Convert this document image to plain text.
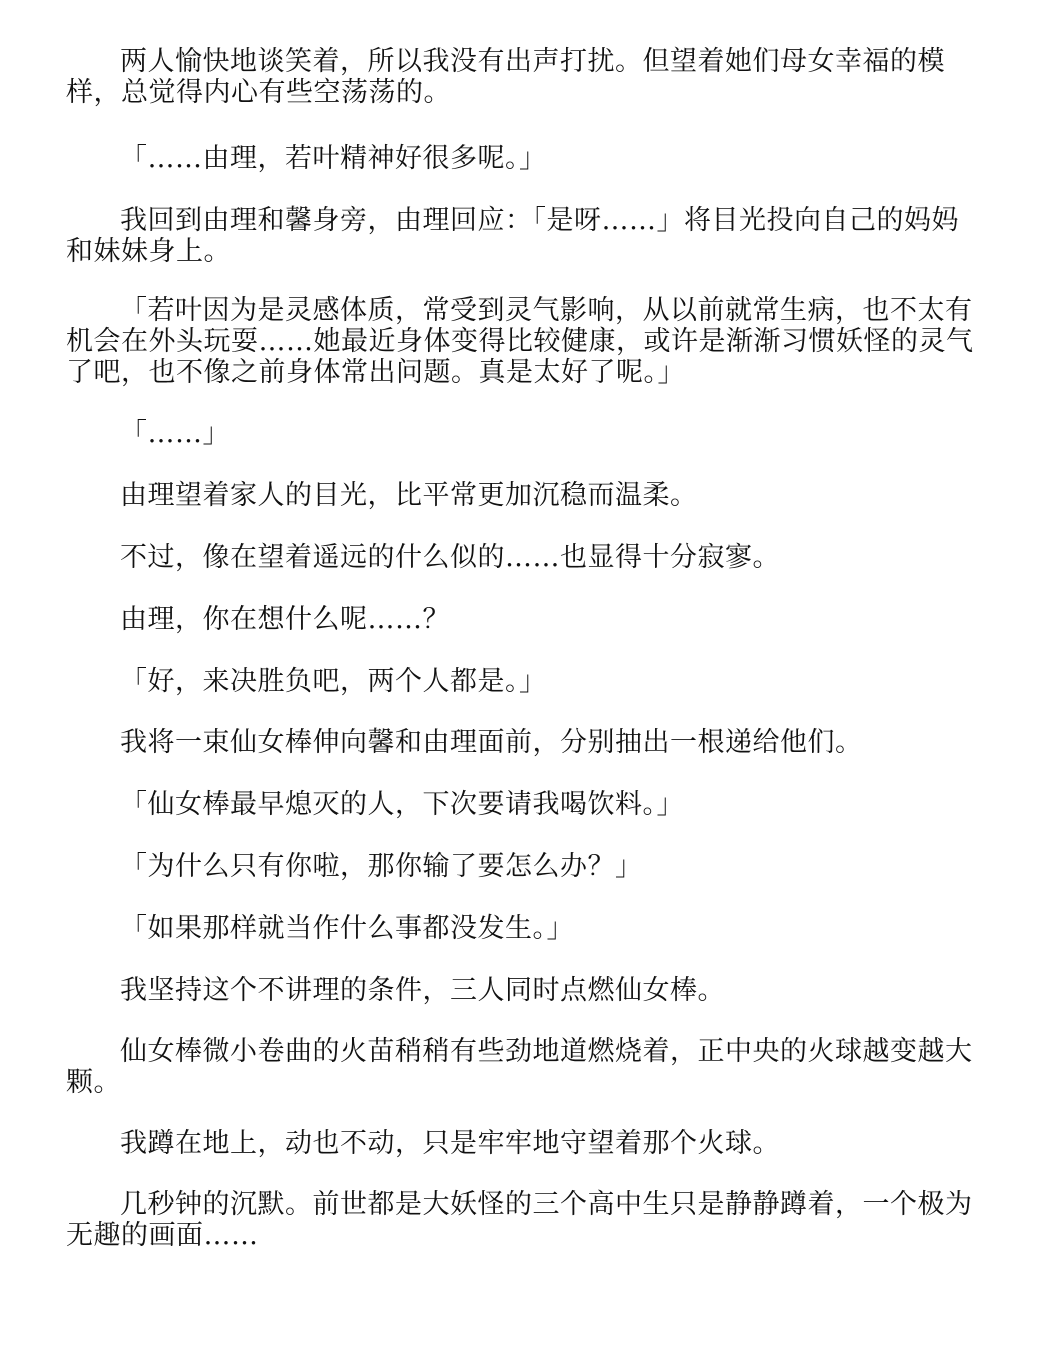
两人愉快地谈笑着，所以我没有出声打扰。但望着她们母女幸福的模样，总觉得内心有些空荡荡的。

「……由理，若叶精神好很多呢。」

我回到由理和馨身旁，由理回应：「是呀……」将目光投向自己的妈妈和妹妹身上。

「若叶因为是灵感体质，常受到灵气影响，从以前就常生病，也不太有机会在外头玩耍……她最近身体变得比较健康，或许是渐渐习惯妖怪的灵气了吧，也不像之前身体常出问题。真是太好了呢。」

「……」

由理望着家人的目光，比平常更加沉稳而温柔。

不过，像在望着遥远的什么似的……也显得十分寂寥。

由理，你在想什么呢……？

「好，来决胜负吧，两个人都是。」

我将一束仙女棒伸向馨和由理面前，分别抽出一根递给他们。

「仙女棒最早熄灭的人，下次要请我喝饮料。」

「为什么只有你啦，那你输了要怎么办？」

「如果那样就当作什么事都没发生。」

我坚持这个不讲理的条件，三人同时点燃仙女棒。

仙女棒微小卷曲的火苗稍稍有些劲地道燃烧着，正中央的火球越变越大颗。

我蹲在地上，动也不动，只是牢牢地守望着那个火球。

几秒钟的沉默。前世都是大妖怪的三个高中生只是静静蹲着，一个极为无趣的画面……
